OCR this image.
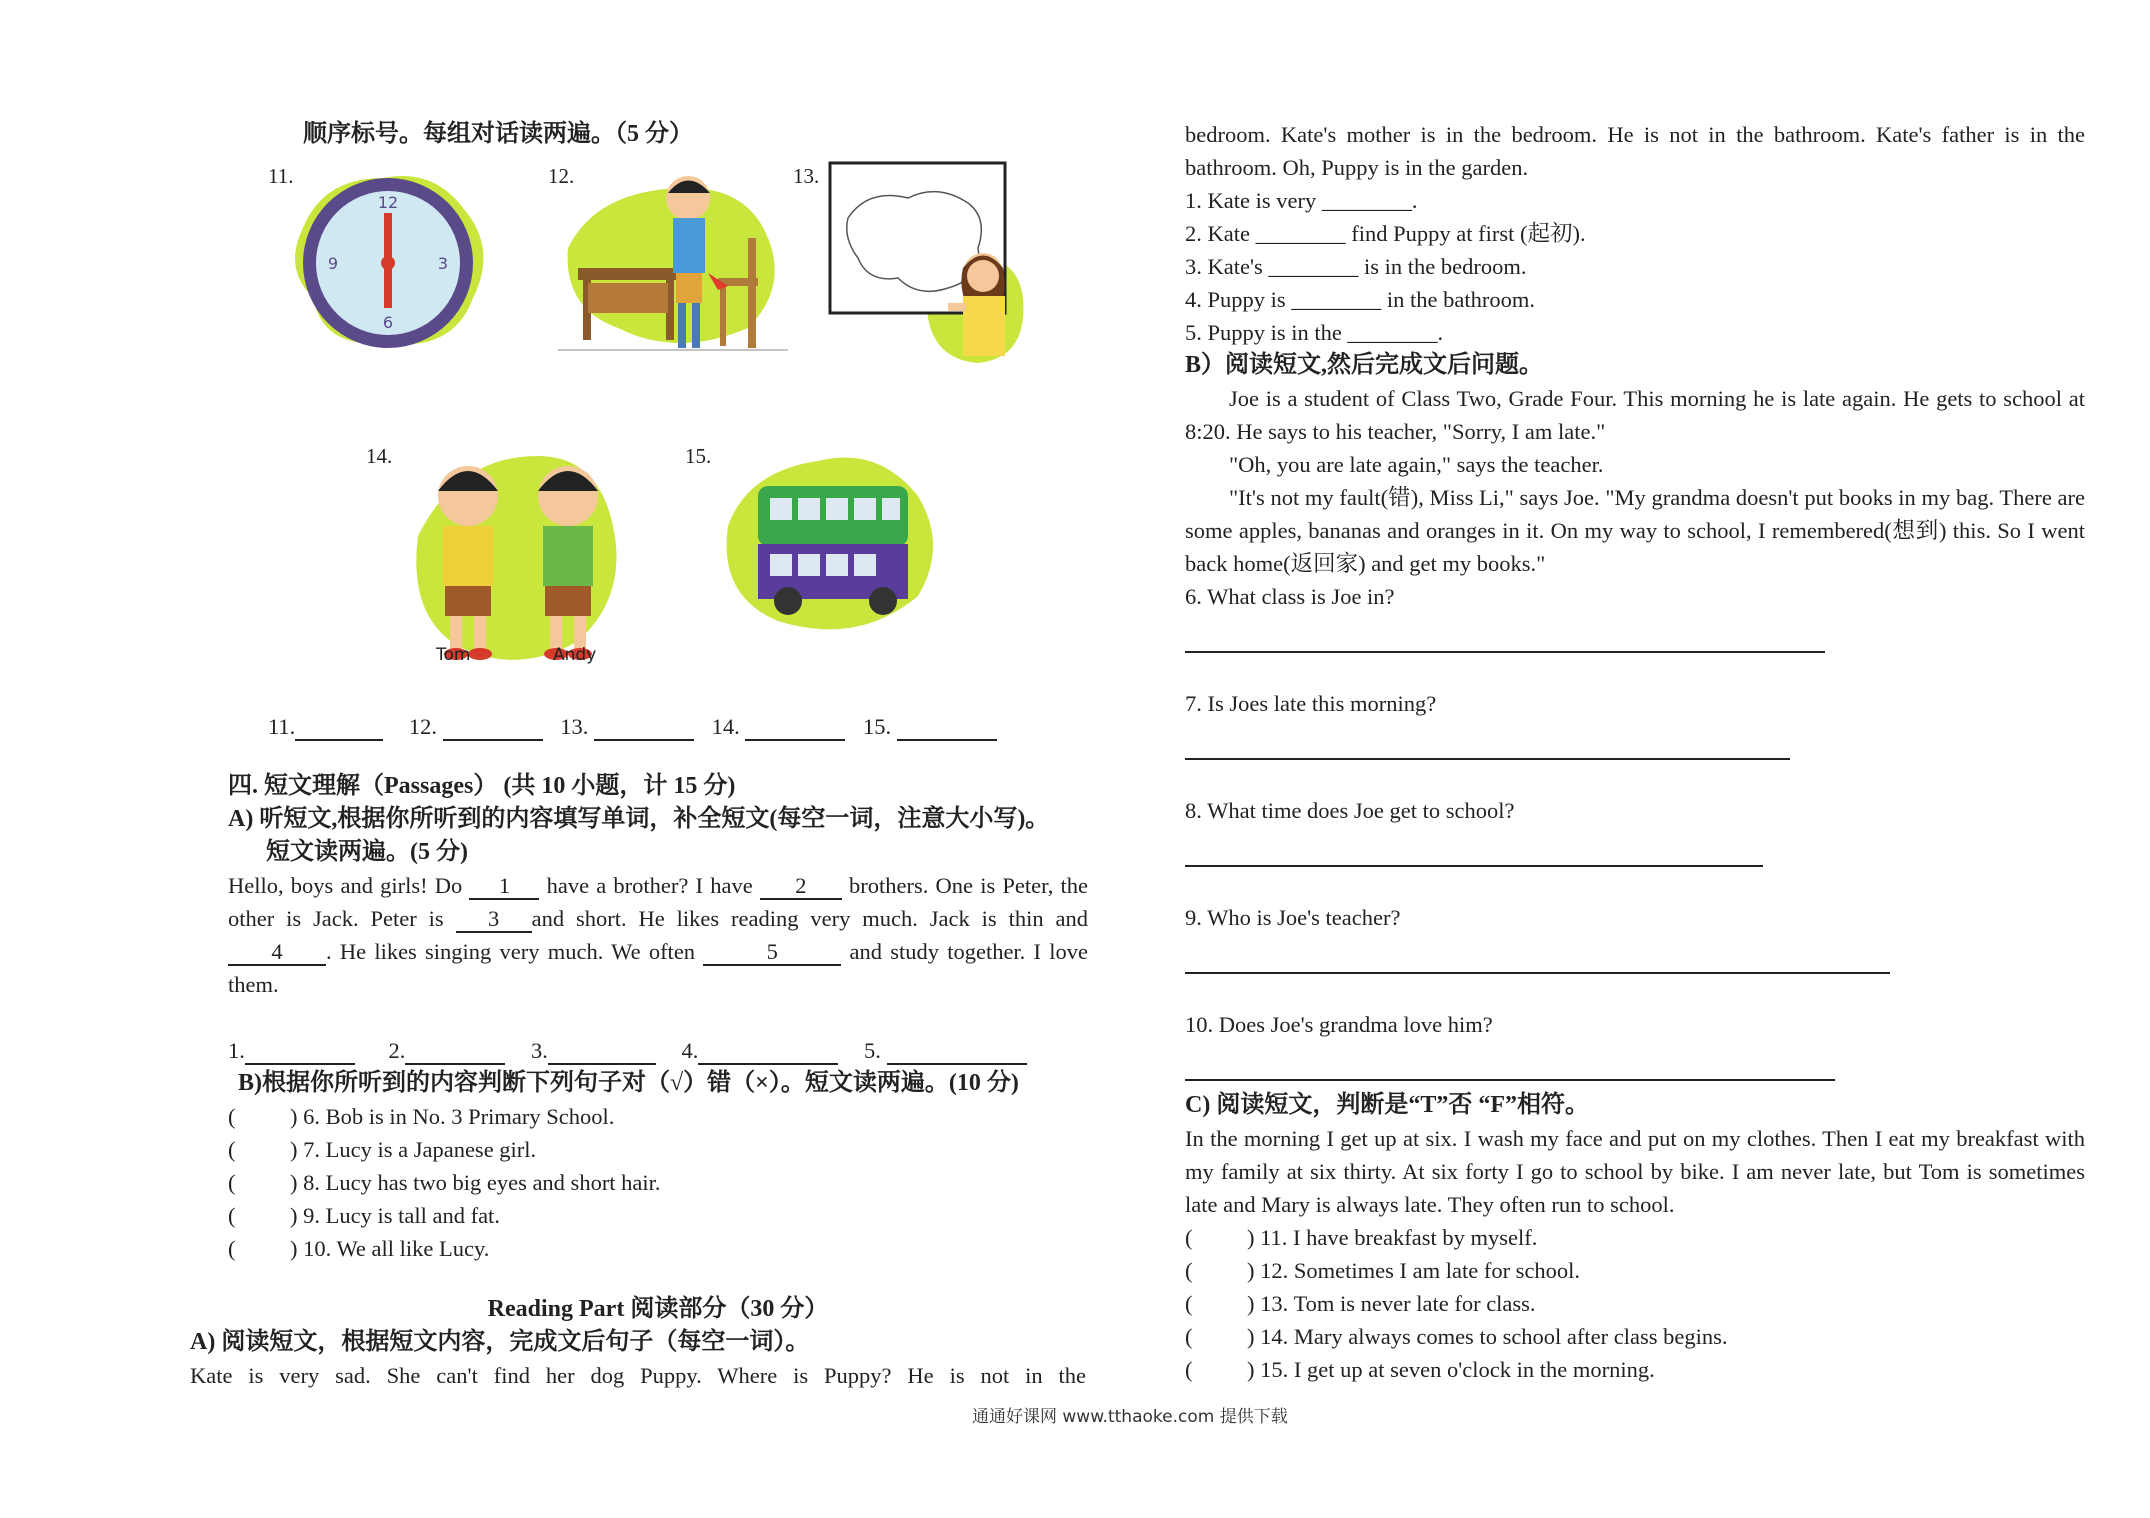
顺序标号。每组对话读两遍。（5 分）
11.
12
3
6
9
12.	13.
14.
Tom	Andy
15.
11.	12.	13.	14.	15.
四. 短文理解（Passages） (共 10 小题，计 15 分)
A) 听短文,根据你所听到的内容填写单词，补全短文(每空一词，注意大小写)。
短文读两遍。(5 分)
Hello, boys and girls! Do 1 have a brother? I have 2 brothers. One is Peter, the other is Jack. Peter is 3 and short. He likes reading very much. Jack is thin and4 . He likes singing very much. We often	5	and study together. I love them.
1.	2.	3.	4.	5.
B)根据你所听到的内容判断下列句子对（√）错（×）。短文读两遍。(10 分)
( ) 6. Bob is in No. 3 Primary School.
( ) 7. Lucy is a Japanese girl.
( ) 8. Lucy has two big eyes and short hair.
( ) 9. Lucy is tall and fat.
( ) 10. We all like Lucy.
Reading Part 阅读部分（30 分）
A) 阅读短文，根据短文内容，完成文后句子（每空一词）。
Kate is very sad. She can't find her dog Puppy. Where is Puppy? He is not in the
bedroom. Kate's mother is in the bedroom. He is not in the bathroom. Kate's father is in the bathroom. Oh, Puppy is in the garden.
1. Kate is very ________.
2. Kate ________ find Puppy at first (起初).
3. Kate's ________ is in the bedroom.
4. Puppy is ________ in the bathroom.
5. Puppy is in the ________.
B）阅读短文,然后完成文后问题。
Joe is a student of Class Two, Grade Four. This morning he is late again. He gets to school at 8:20. He says to his teacher, "Sorry, I am late."
"Oh, you are late again," says the teacher.
"It's not my fault(错), Miss Li," says Joe. "My grandma doesn't put books in my bag. There are some apples, bananas and oranges in it. On my way to school, I remembered(想到) this. So I went back home(返回家) and get my books."
6. What class is Joe in?
7. Is Joes late this morning?
8. What time does Joe get to school?
9. Who is Joe's teacher?
10. Does Joe's grandma love him?
C) 阅读短文，判断是“T”否 “F”相符。
In the morning I get up at six. I wash my face and put on my clothes. Then I eat my breakfast with my family at six thirty. At six forty I go to school by bike. I am never late, but Tom is sometimes late and Mary is always late. They often run to school.
( ) 11. I have breakfast by myself.
( ) 12. Sometimes I am late for school.
( ) 13. Tom is never late for class.
( ) 14. Mary always comes to school after class begins.
( ) 15. I get up at seven o'clock in the morning.
通通好课网 www.tthaoke.com 提供下载
